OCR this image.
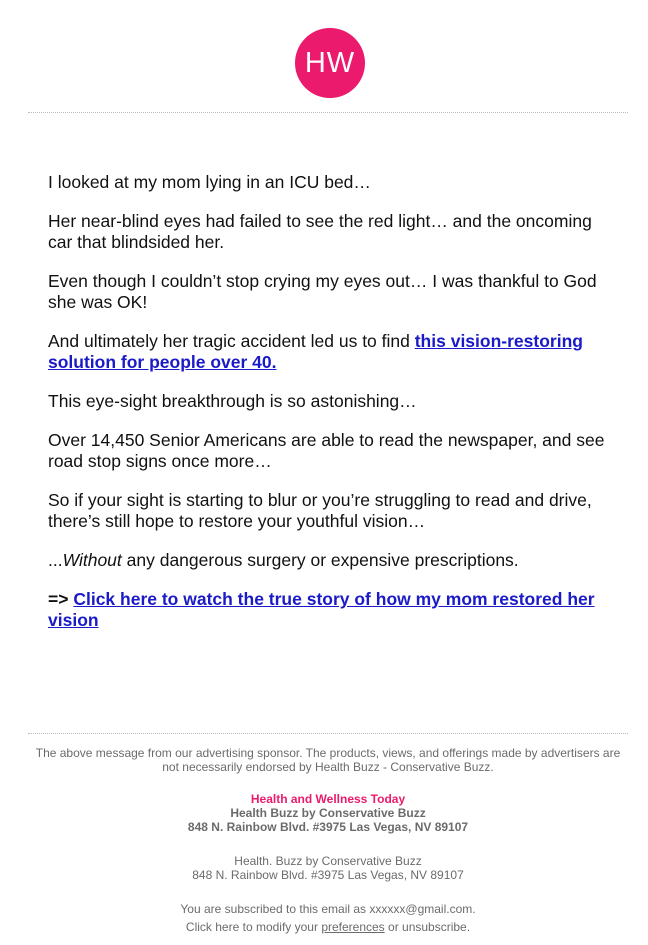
HW

I looked at my mom lying in an ICU bed…

Her near-blind eyes had failed to see the red light… and the oncoming car that blindsided her.

Even though I couldn’t stop crying my eyes out… I was thankful to God she was OK!

And ultimately her tragic accident led us to find this vision-restoring solution for people over 40.

This eye-sight breakthrough is so astonishing…

Over 14,450 Senior Americans are able to read the newspaper, and see road stop signs once more…

So if your sight is starting to blur or you’re struggling to read and drive, there’s still hope to restore your youthful vision…

...Without any dangerous surgery or expensive prescriptions.

=> Click here to watch the true story of how my mom restored her vision

The above message from our advertising sponsor. The products, views, and offerings made by advertisers are not necessarily endorsed by Health Buzz - Conservative Buzz.

Health and Wellness Today

Health Buzz by Conservative Buzz

848 N. Rainbow Blvd. #3975 Las Vegas, NV 89107

Health. Buzz by Conservative Buzz

848 N. Rainbow Blvd. #3975 Las Vegas, NV 89107

You are subscribed to this email as xxxxxx@gmail.com.

Click here to modify your preferences or unsubscribe.
